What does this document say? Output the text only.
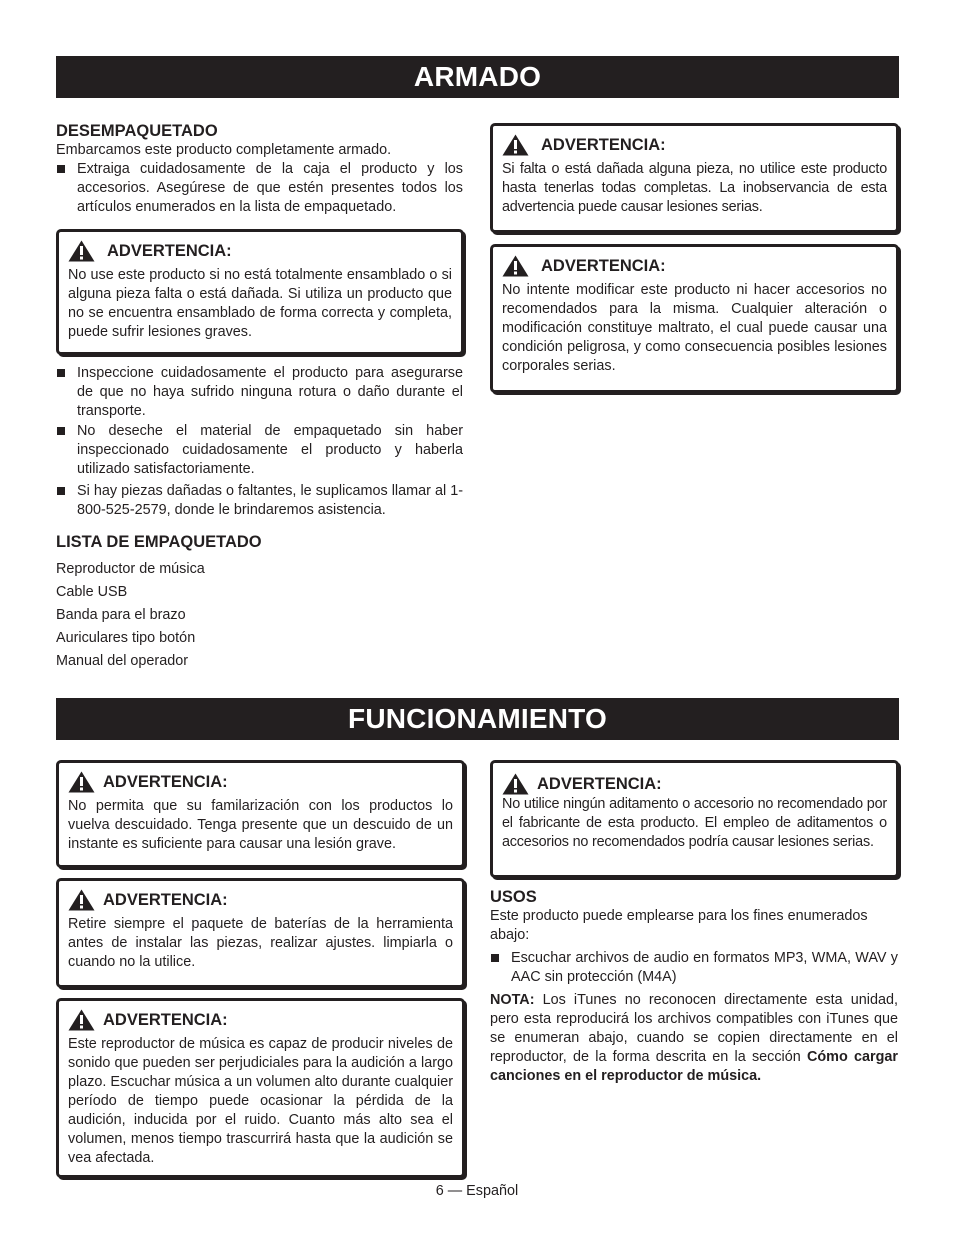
ARMADO
DESEMPAQUETADO

Embarcamos este producto completamente armado.

Extraiga cuidadosamente de la caja el producto y los accesorios. Asegúrese de que estén presentes todos los artículos enumerados en la lista de empaquetado.
ADVERTENCIA:

No use este producto si no está totalmente ensamblado o si alguna pieza falta o está dañada. Si utiliza un producto que no se encuentra ensamblado de forma correcta y completa, puede sufrir lesiones graves.

Inspeccione cuidadosamente el producto para asegurarse de que no haya sufrido ninguna rotura o daño durante el transporte.
No deseche el material de empaquetado sin haber inspeccionado cuidadosamente el producto y haberla utilizado satisfactoriamente.
Si hay piezas dañadas o faltantes, le suplicamos llamar al 1-800-525-2579, donde le brindaremos asistencia.
LISTA DE EMPAQUETADO
Reproductor de música
Cable USB
Banda para el brazo
Auriculares tipo botón
Manual del operador
ADVERTENCIA:

Si falta o está dañada alguna pieza, no utilice este producto hasta tenerlas todas completas. La inobservancia de esta advertencia puede causar lesiones serias.

ADVERTENCIA:

No intente modificar este producto ni hacer accesorios no recomendados para la misma. Cualquier alteración o modificación constituye maltrato, el cual puede causar una condición peligrosa, y como consecuencia posibles lesiones corporales serias.

FUNCIONAMIENTO
ADVERTENCIA:

No permita que su familarización con los productos lo vuelva descuidado. Tenga presente que un descuido de un instante es suficiente para causar una lesión grave.

ADVERTENCIA:

Retire siempre el paquete de baterías de la herramienta antes de instalar las piezas, realizar ajustes. limpiarla o cuando no la utilice.

ADVERTENCIA:

Este reproductor de música es capaz de producir niveles de sonido que pueden ser perjudiciales para la audición a largo plazo. Escuchar música a un volumen alto durante cualquier período de tiempo puede ocasionar la pérdida de la audición, inducida por el ruido. Cuanto más alto sea el volumen, menos tiempo trascurrirá hasta que la audición se vea afectada.

ADVERTENCIA:

No utilice ningún aditamento o accesorio no recomendado por el fabricante de esta producto. El empleo de aditamentos o accesorios no recomendados podría causar lesiones serias.

USOS

Este producto puede emplearse para los fines enumerados abajo:

Escuchar archivos de audio en formatos MP3, WMA, WAV y AAC sin protección (M4A)

NOTA: Los iTunes no reconocen directamente esta unidad, pero esta reproducirá los archivos compatibles con iTunes que se enumeran abajo, cuando se copien directamente en el reproductor, de la forma descrita en la sección Cómo cargar canciones en el reproductor de música.

6 — Español
